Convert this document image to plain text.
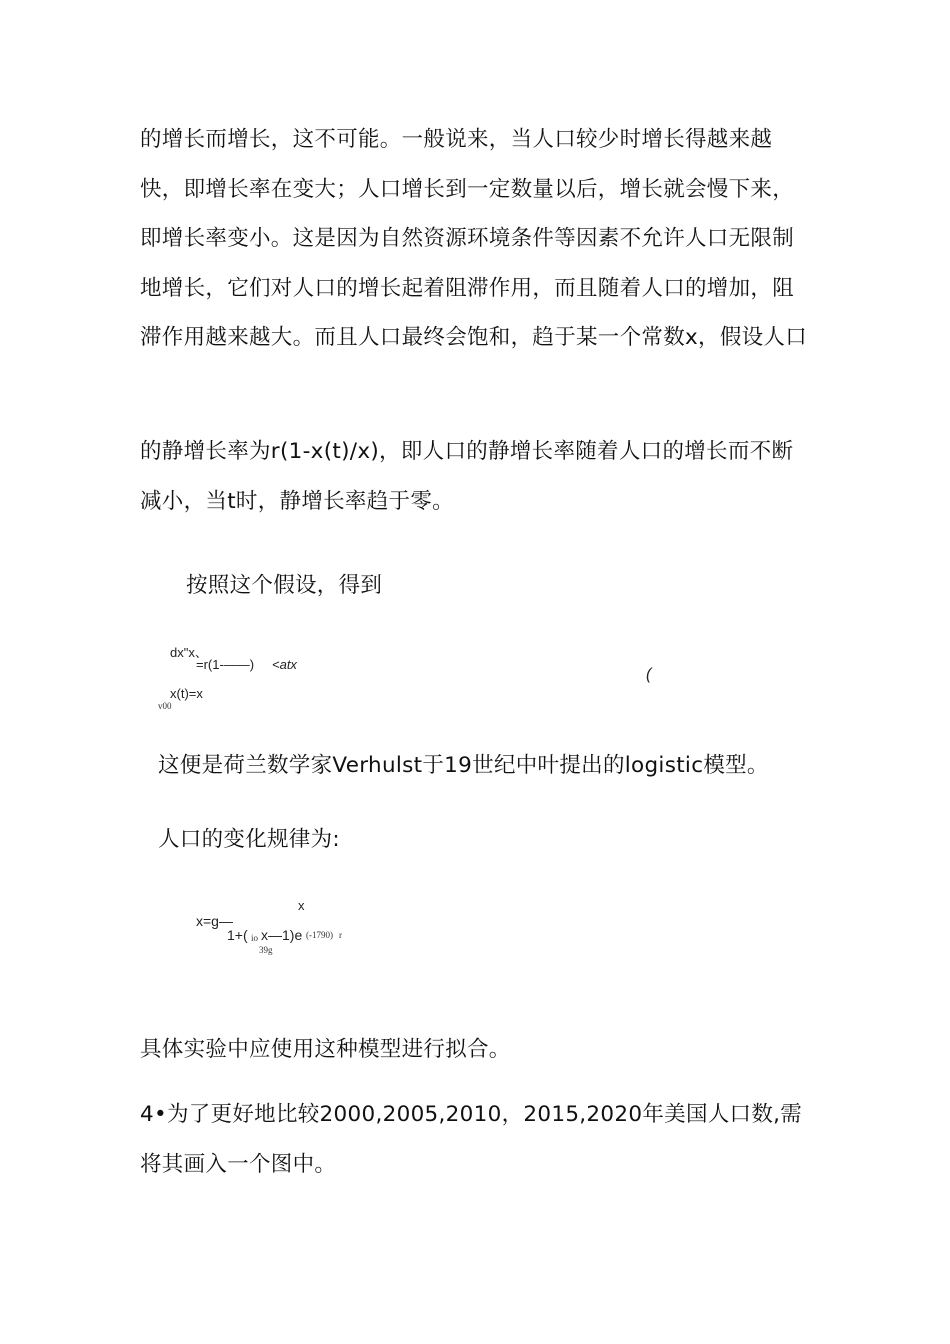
的增长而增长，这不可能。一般说来，当人口较少时增长得越来越快，即增长率在变大；人口增长到一定数量以后，增长就会慢下来，即增长率变小。这是因为自然资源环境条件等因素不允许人口无限制地增长，它们对人口的增长起着阻滞作用，而且随着人口的增加，阻滞作用越来越大。而且人口最终会饱和，趋于某一个常数x，假设人口

的静增长率为r(1-x(t)/x)，即人口的静增长率随着人口的增长而不断减小，当t时，静增长率趋于零。

按照这个假设，得到

dx"x、
=r(1-——) <atx
x(t)=x
v00
(

这便是荷兰数学家Verhulst于19世纪中叶提出的logistic模型。

人口的变化规律为:

x
x=g—
1+( io x—1)e (-1790) r
39g

具体实验中应使用这种模型进行拟合。

4•为了更好地比较2000,2005,2010，2015,2020年美国人口数,需将其画入一个图中。
